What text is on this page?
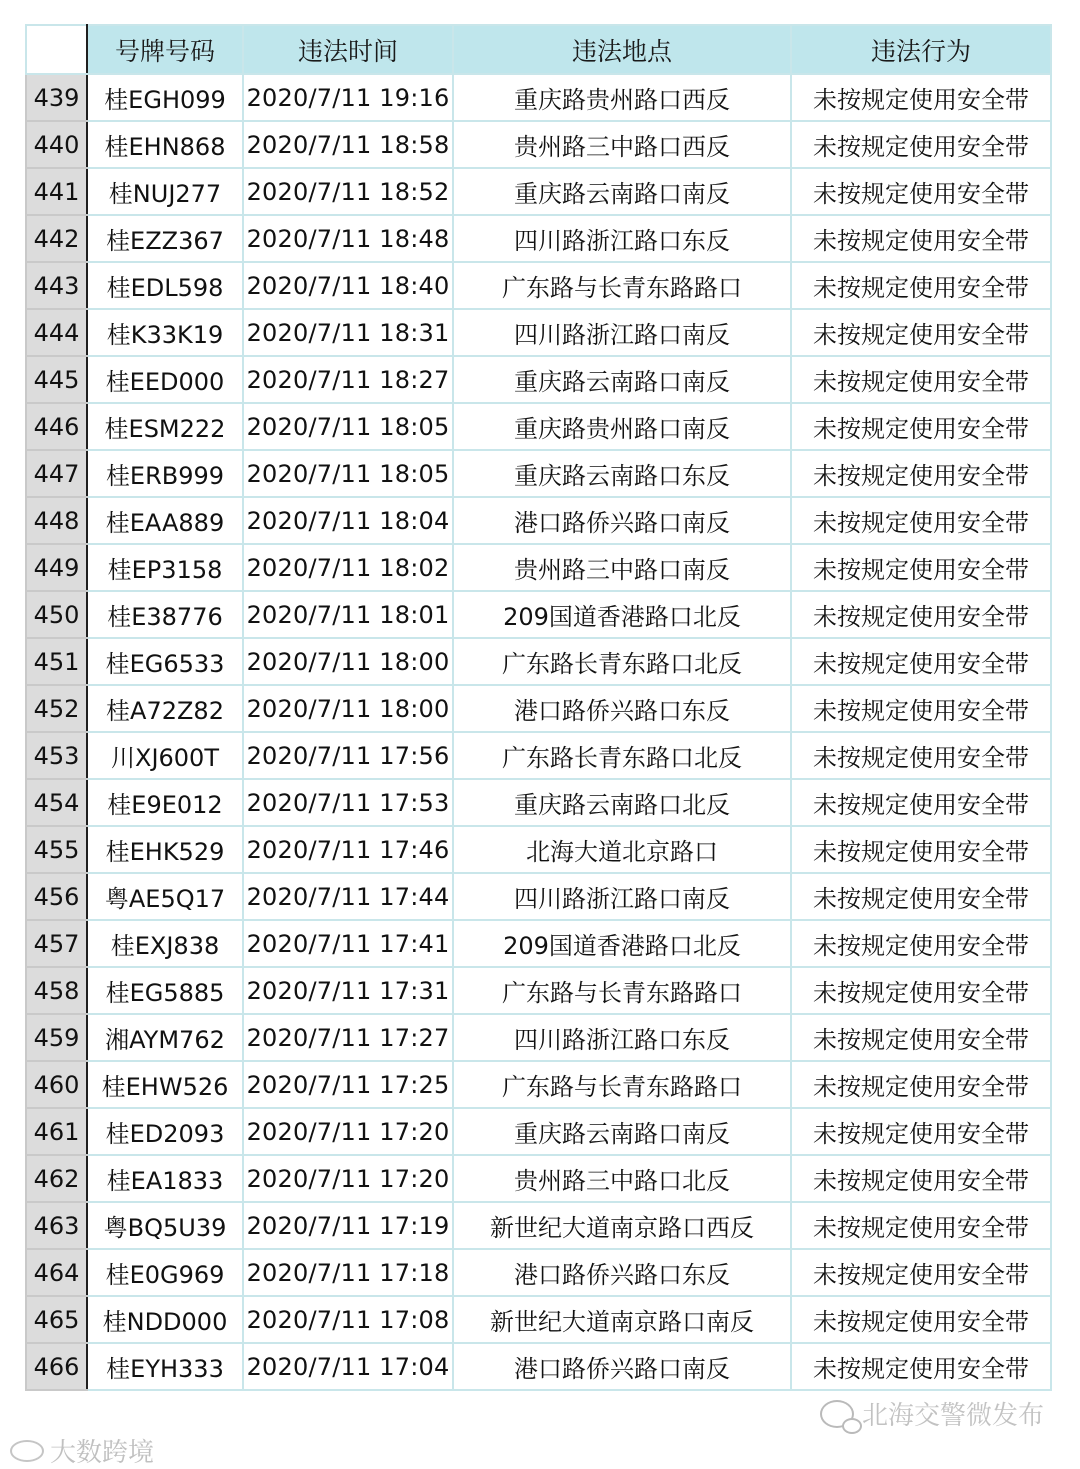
	号牌号码	违法时间	违法地点	违法行为
439	桂EGH099	2020/7/11 19:16	重庆路贵州路口西反	未按规定使用安全带
440	桂EHN868	2020/7/11 18:58	贵州路三中路口西反	未按规定使用安全带
441	桂NUJ277	2020/7/11 18:52	重庆路云南路口南反	未按规定使用安全带
442	桂EZZ367	2020/7/11 18:48	四川路浙江路口东反	未按规定使用安全带
443	桂EDL598	2020/7/11 18:40	广东路与长青东路路口	未按规定使用安全带
444	桂K33K19	2020/7/11 18:31	四川路浙江路口南反	未按规定使用安全带
445	桂EED000	2020/7/11 18:27	重庆路云南路口南反	未按规定使用安全带
446	桂ESM222	2020/7/11 18:05	重庆路贵州路口南反	未按规定使用安全带
447	桂ERB999	2020/7/11 18:05	重庆路云南路口东反	未按规定使用安全带
448	桂EAA889	2020/7/11 18:04	港口路侨兴路口南反	未按规定使用安全带
449	桂EP3158	2020/7/11 18:02	贵州路三中路口南反	未按规定使用安全带
450	桂E38776	2020/7/11 18:01	209国道香港路口北反	未按规定使用安全带
451	桂EG6533	2020/7/11 18:00	广东路长青东路口北反	未按规定使用安全带
452	桂A72Z82	2020/7/11 18:00	港口路侨兴路口东反	未按规定使用安全带
453	川XJ600T	2020/7/11 17:56	广东路长青东路口北反	未按规定使用安全带
454	桂E9E012	2020/7/11 17:53	重庆路云南路口北反	未按规定使用安全带
455	桂EHK529	2020/7/11 17:46	北海大道北京路口	未按规定使用安全带
456	粤AE5Q17	2020/7/11 17:44	四川路浙江路口南反	未按规定使用安全带
457	桂EXJ838	2020/7/11 17:41	209国道香港路口北反	未按规定使用安全带
458	桂EG5885	2020/7/11 17:31	广东路与长青东路路口	未按规定使用安全带
459	湘AYM762	2020/7/11 17:27	四川路浙江路口东反	未按规定使用安全带
460	桂EHW526	2020/7/11 17:25	广东路与长青东路路口	未按规定使用安全带
461	桂ED2093	2020/7/11 17:20	重庆路云南路口南反	未按规定使用安全带
462	桂EA1833	2020/7/11 17:20	贵州路三中路口北反	未按规定使用安全带
463	粤BQ5U39	2020/7/11 17:19	新世纪大道南京路口西反	未按规定使用安全带
464	桂E0G969	2020/7/11 17:18	港口路侨兴路口东反	未按规定使用安全带
465	桂NDD000	2020/7/11 17:08	新世纪大道南京路口南反	未按规定使用安全带
466	桂EYH333	2020/7/11 17:04	港口路侨兴路口南反	未按规定使用安全带
大数跨境
北海交警微发布
